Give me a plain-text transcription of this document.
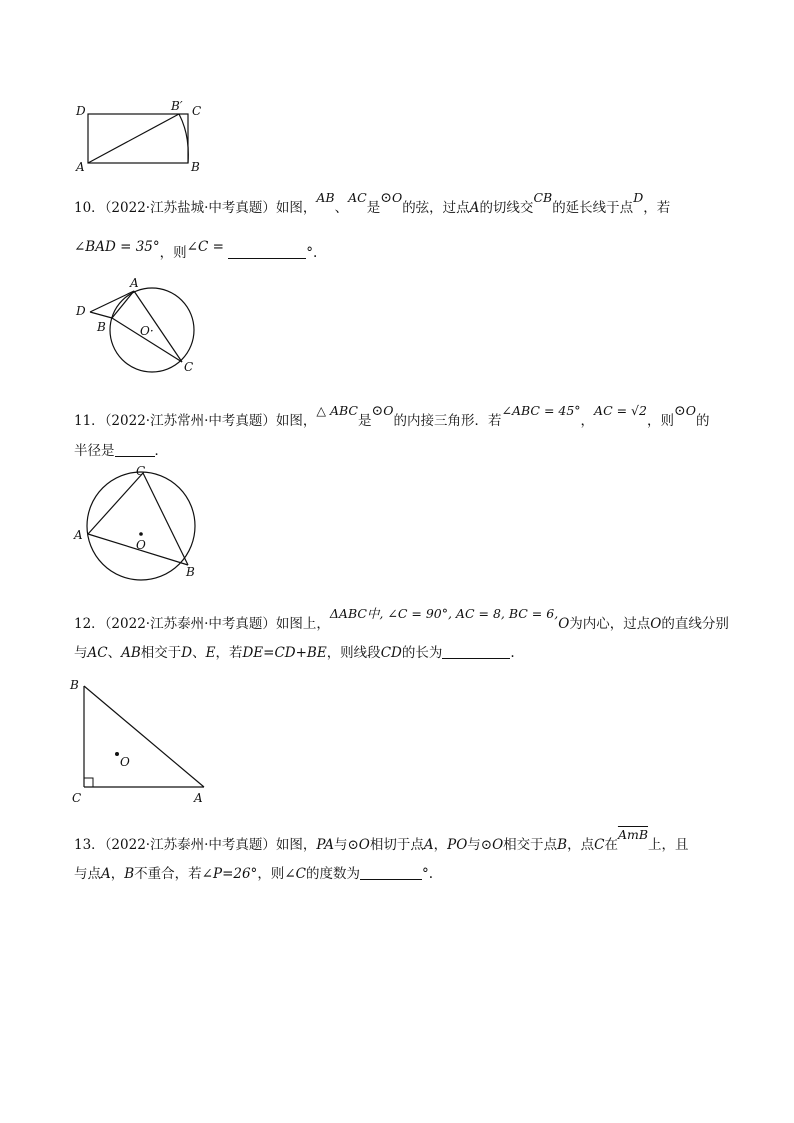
D	B′ C
A	B
10．（2022·江苏盐城·中考真题）如图，AB、AC是⊙O的弦，过点A的切线交CB的延长线于点D，若
∠BAD = 35°，则∠C =	°.
A
D
B	O·
C
11．（2022·江苏常州·中考真题）如图，△ ABC是⊙O的内接三角形．若∠ABC = 45°，AC = √2，则⊙O的
半径是	．
C
A
O
B
12．（2022·江苏泰州·中考真题）如图上，ΔABC中, ∠C = 90°, AC = 8, BC = 6,O为内心，过点O的直线分别
与AC、AB相交于D、E，若DE=CD+BE，则线段CD的长为	.
B
O
C	A
13．（2022·江苏泰州·中考真题）如图，PA与⊙O相切于点A，PO与⊙O相交于点B，点C在$\overline{AmB}$上，且
与点A，B不重合，若∠P=26°，则∠C的度数为	°.
